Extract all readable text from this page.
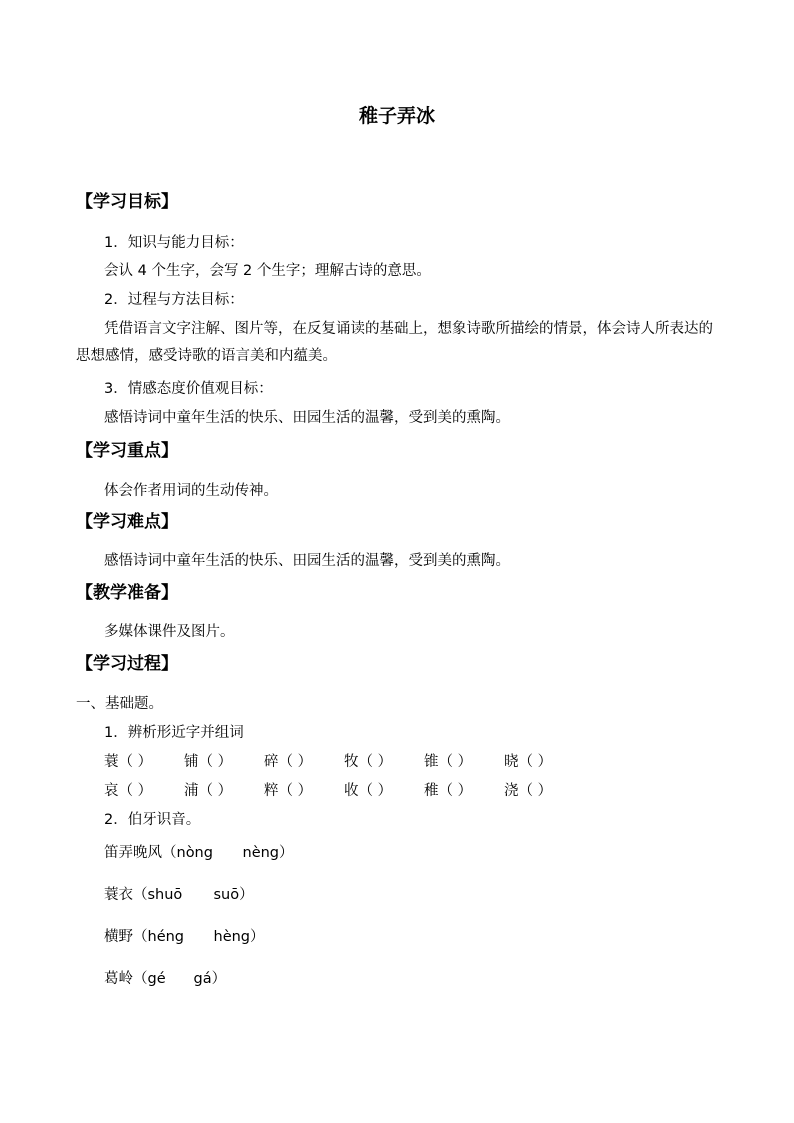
稚子弄冰
【学习目标】
1．知识与能力目标：
会认 4 个生字，会写 2 个生字；理解古诗的意思。
2．过程与方法目标：
凭借语言文字注解、图片等，在反复诵读的基础上，想象诗歌所描绘的情景，体会诗人所表达的思想感情，感受诗歌的语言美和内蕴美。
3．情感态度价值观目标：
感悟诗词中童年生活的快乐、田园生活的温馨，受到美的熏陶。
【学习重点】
体会作者用词的生动传神。
【学习难点】
感悟诗词中童年生活的快乐、田园生活的温馨，受到美的熏陶。
【教学准备】
多媒体课件及图片。
【学习过程】
一、基础题。
1．辨析形近字并组词
蓑（ ） 铺（ ） 碎（ ） 牧（ ） 锥（ ） 晓（ ）
哀（ ） 浦（ ） 粹（ ） 收（ ） 稚（ ） 浇（ ）
2．伯牙识音。
笛弄晚风（nòng nèng）
蓑衣（shuō suō）
横野（héng hèng）
葛岭（gé gá）
